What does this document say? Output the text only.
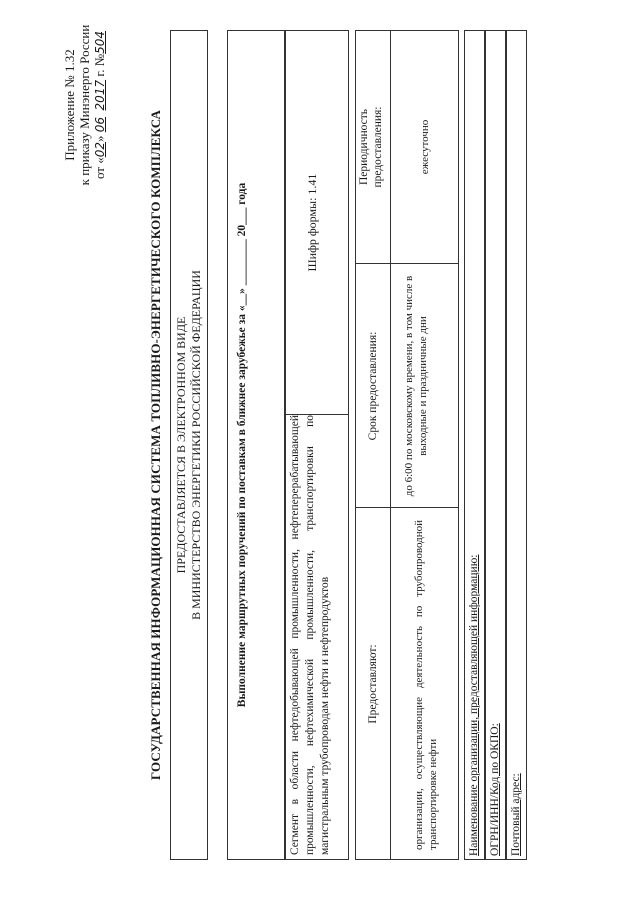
Приложение № 1.32 к приказу Минэнерго России от «02» 06  2017 г. №504
ГОСУДАРСТВЕННАЯ ИНФОРМАЦИОННАЯ СИСТЕМА ТОПЛИВНО-ЭНЕРГЕТИЧЕСКОГО КОМПЛЕКСА ПРЕДОСТАВЛЯЕТСЯ В ЭЛЕКТРОННОМ ВИДЕ В МИНИСТЕРСТВО ЭНЕРГЕТИКИ РОССИЙСКОЙ ФЕДЕРАЦИИ	Выполнение маршрутных поручений по поставкам в ближнее зарубежье за «__» ________ 20___ года	Сегмент в области нефтедобывающей промышленности, нефтеперерабатывающей промышленности, нефтехимической промышленности, транспортировки по магистральным трубопроводам нефти и нефтепродуктов
Шифр формы: 1.41
Предоставляют:
Срок предоставления:
Периодичность предоставления:
организации, осуществляющие деятельность по трубопроводной транспортировке нефти
до 6:00 по московскому времени, в том числе в выходные и праздничные дни
ежесуточно
Наименование организации, предоставляющей информацию: ОГРН/ИНН/Код по ОКПО: Почтовый адрес:
